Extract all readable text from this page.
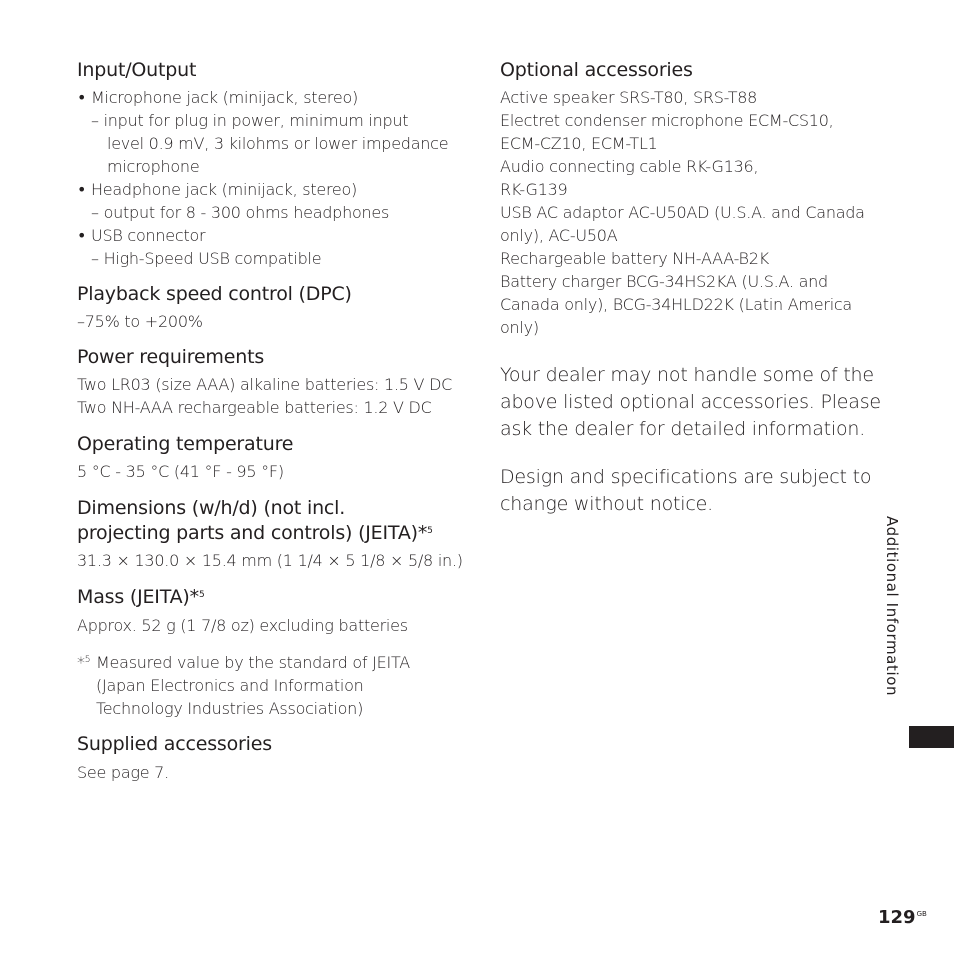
Input/Output
• Microphone jack (minijack, stereo)
– input for plug in power, minimum input
level 0.9 mV, 3 kilohms or lower impedance
microphone
• Headphone jack (minijack, stereo)
– output for 8 - 300 ohms headphones
• USB connector
– High-Speed USB compatible
Playback speed control (DPC)
–75% to +200%
Power requirements
Two LR03 (size AAA) alkaline batteries: 1.5 V DC
Two NH-AAA rechargeable batteries: 1.2 V DC
Operating temperature
5 °C - 35 °C (41 °F - 95 °F)
Dimensions (w/h/d) (not incl.
projecting parts and controls) (JEITA)*$^5$
31.3 × 130.0 × 15.4 mm (1 1/4 × 5 1/8 × 5/8 in.)
Mass (JEITA)*$^5$
Approx. 52 g (1 7/8 oz) excluding batteries
*$^5$ Measured value by the standard of JEITA
(Japan Electronics and Information
Technology Industries Association)
Supplied accessories
See page 7.
Optional accessories
Active speaker SRS-T80, SRS-T88
Electret condenser microphone ECM-CS10,
ECM-CZ10, ECM-TL1
Audio connecting cable RK-G136,
RK-G139
USB AC adaptor AC-U50AD (U.S.A. and Canada
only), AC-U50A
Rechargeable battery NH-AAA-B2K
Battery charger BCG-34HS2KA (U.S.A. and
Canada only), BCG-34HLD22K (Latin America
only)
Your dealer may not handle some of the
above listed optional accessories. Please
ask the dealer for detailed information.
Design and specifications are subject to
change without notice.
Additional Information
$129^{GB}$
